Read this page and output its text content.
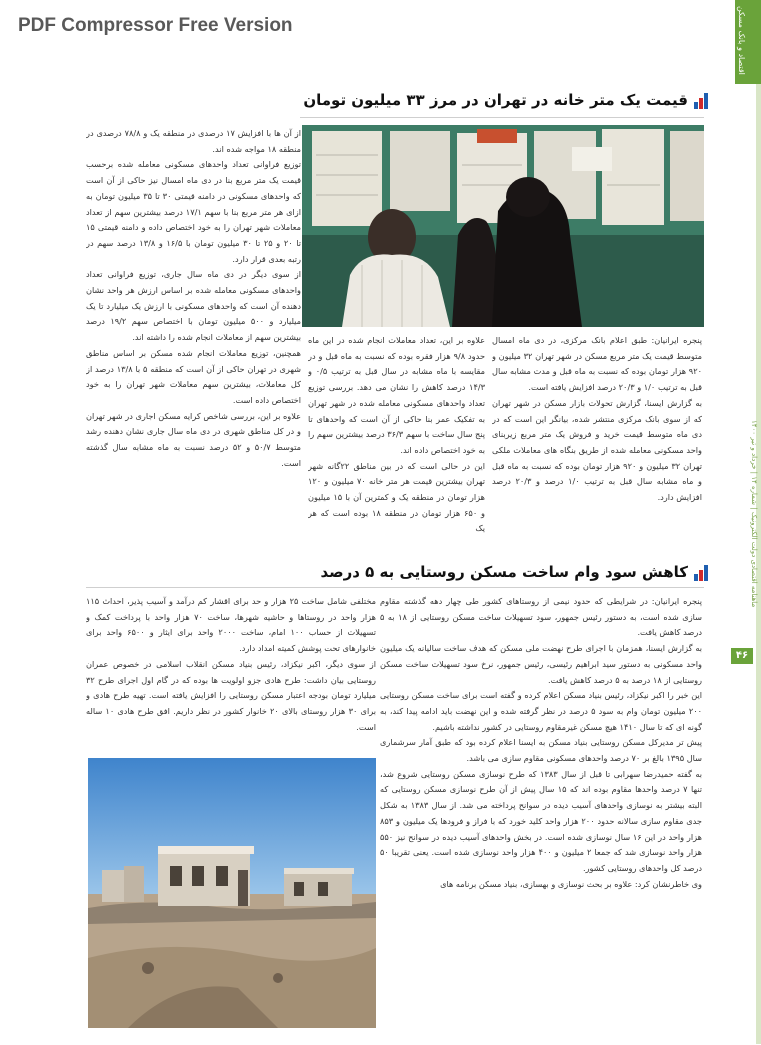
PDF Compressor Free Version	اقتصاد و بانک مسکن
ماهنامه اقتصادی دولت الکترونیک | شماره ۱۴ | خرداد و تیر ۱۴۰۰
۴۶
قیمت یک متر خانه در تهران در مرز ۳۳ میلیون تومان

از آن ها با افزایش ۱۷ درصدی در منطقه یک و ۷۸/۸ درصدی در منطقه ۱۸ مواجه شده اند.

توزیع فراوانی تعداد واحدهای مسکونی معامله شده برحسب قیمت یک متر مربع بنا در دی ماه امسال نیز حاکی از آن است که واحدهای مسکونی در دامنه قیمتی ۳۰ تا ۳۵ میلیون تومان به ازای هر متر مربع بنا با سهم ۱۷/۱ درصد بیشترین سهم از تعداد معاملات شهر تهران را به خود اختصاص داده و دامنه قیمتی ۱۵ تا ۲۰ و ۲۵ تا ۳۰ میلیون تومان با ۱۶/۵ و ۱۳/۸ درصد سهم در رتبه بعدی قرار دارد.

از سوی دیگر در دی ماه سال جاری، توزیع فراوانی تعداد واحدهای مسکونی معامله شده بر اساس ارزش هر واحد نشان دهنده آن است که واحدهای مسکونی با ارزش یک میلیارد تا یک میلیارد و ۵۰۰ میلیون تومان با اختصاص سهم ۱۹/۲ درصد بیشترین سهم از معاملات انجام شده را داشته اند.

همچنین، توزیع معاملات انجام شده مسکن بر اساس مناطق شهری در تهران حاکی از آن است که منطقه ۵ با ۱۳/۸ درصد از کل معاملات، بیشترین سهم معاملات شهر تهران را به خود اختصاص داده است.

علاوه بر این، بررسی شاخص کرایه مسکن اجاری در شهر تهران و در کل مناطق شهری در دی ماه سال جاری نشان دهنده رشد متوسط ۵۰/۷ و ۵۲ درصد نسبت به ماه مشابه سال گذشته است.

علاوه بر این، تعداد معاملات انجام شده در این ماه حدود ۹/۸ هزار فقره بوده که نسبت به ماه قبل و در مقایسه با ماه مشابه در سال قبل به ترتیب ۰/۵ و ۱۴/۳ درصد کاهش را نشان می دهد. بررسی توزیع تعداد واحدهای مسکونی معامله شده در شهر تهران به تفکیک عمر بنا حاکی از آن است که واحدهای تا پنج سال ساخت با سهم ۳۶/۳ درصد بیشترین سهم را به خود اختصاص داده اند.

این در حالی است که در بین مناطق ۲۲گانه شهر تهران بیشترین قیمت هر متر خانه ۷۰ میلیون و ۱۲۰ هزار تومان در منطقه یک و کمترین آن با ۱۵ میلیون و ۶۵۰ هزار تومان در منطقه ۱۸ بوده است که هر یک

پنجره ایرانیان: طبق اعلام بانک مرکزی، در دی ماه امسال متوسط قیمت یک متر مربع مسکن در شهر تهران ۳۲ میلیون و ۹۲۰ هزار تومان بوده که نسبت به ماه قبل و مدت مشابه سال قبل به ترتیب ۱/۰ و ۲۰/۳ درصد افزایش یافته است.

به گزارش ایسنا، گزارش تحولات بازار مسکن در شهر تهران که از سوی بانک مرکزی منتشر شده، بیانگر این است که در دی ماه متوسط قیمت خرید و فروش یک متر مربع زیربنای واحد مسکونی معامله شده از طریق بنگاه های معاملات ملکی تهران ۳۲ میلیون و ۹۲۰ هزار تومان بوده که نسبت به ماه قبل و ماه مشابه سال قبل به ترتیب ۱/۰ درصد و ۲۰/۳ درصد افزایش دارد.

کاهش سود وام ساخت مسکن روستایی به ۵ درصد

مختلفی شامل ساخت ۲۵ هزار و حد برای اقشار کم درآمد و آسیب پذیر، احداث ۱۱۵ هزار واحد در روستاها و حاشیه شهرها، ساخت ۷۰ هزار واحد با پرداخت کمک و تسهیلات از حساب ۱۰۰ امام، ساخت ۲۰۰۰ واحد برای ایثار و ۶۵۰۰ واحد برای خانوارهای تحت پوشش کمیته امداد دارد.

از سوی دیگر، اکبر نیکزاد، رئیس بنیاد مسکن انقلاب اسلامی در خصوص عمران روستایی بیان داشت: طرح هادی جزو اولویت ها بوده که در گام اول اجرای طرح ۳۲ میلیارد تومان بودجه اعتبار مسکن روستایی را افزایش یافته است. تهیه طرح هادی و برای ۳۰ هزار روستای بالای ۲۰ خانوار کشور در نظر داریم. افق طرح هادی ۱۰ ساله است.

پنجره ایرانیان: در شرایطی که حدود نیمی از روستاهای کشور طی چهار دهه گذشته مقاوم سازی شده است، به دستور رئیس جمهور، سود تسهیلات ساخت مسکن روستایی از ۱۸ به ۵ درصد کاهش یافت.

به گزارش ایسنا، همزمان با اجرای طرح نهضت ملی مسکن که هدف ساخت سالیانه یک میلیون واحد مسکونی به دستور سید ابراهیم رئیسی، رئیس جمهور، نرخ سود تسهیلات ساخت مسکن روستایی از ۱۸ درصد به ۵ درصد کاهش یافت.

این خبر را اکبر نیکزاد، رئیس بنیاد مسکن اعلام کرده و گفته است برای ساخت مسکن روستایی ۲۰۰ میلیون تومان وام به سود ۵ درصد در نظر گرفته شده و این نهضت باید ادامه پیدا کند، به گونه ای که تا سال ۱۴۱۰ هیچ مسکن غیرمقاوم روستایی در کشور نداشته باشیم.

پیش تر مدیرکل مسکن روستایی بنیاد مسکن به ایسنا اعلام کرده بود که طبق آمار سرشماری سال ۱۳۹۵ بالغ بر ۷۰ درصد واحدهای مسکونی مقاوم سازی می باشد.

به گفته حمیدرضا سهرابی تا قبل از سال ۱۳۸۳ که طرح نوسازی مسکن روستایی شروع شد، تنها ۷ درصد واحدها مقاوم بوده اند که ۱۵ سال پیش از آن طرح نوسازی مسکن روستایی که البته بیشتر به نوسازی واحدهای آسیب دیده در سوانح پرداخته می شد. از سال ۱۳۸۳ به شکل جدی مقاوم سازی سالانه حدود ۲۰۰ هزار واحد کلید خورد که با فراز و فرودها یک میلیون و ۸۵۳ هزار واحد در این ۱۶ سال نوسازی شده است. در بخش واحدهای آسیب دیده در سوانح نیز ۵۵۰ هزار واحد نوسازی شد که جمعا ۲ میلیون و ۴۰۰ هزار واحد نوسازی شده است. یعنی تقریبا ۵۰ درصد کل واحدهای روستایی کشور.

وی خاطرنشان کرد: علاوه بر بحث نوسازی و بهسازی، بنیاد مسکن برنامه های
